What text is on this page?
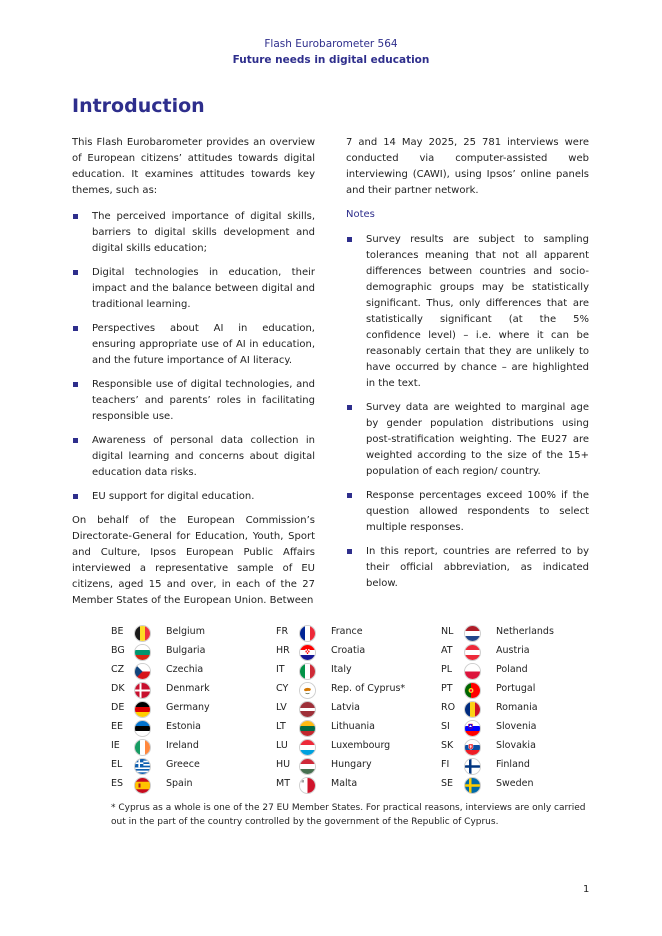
Flash Eurobarometer 564
Future needs in digital education
Introduction

This Flash Eurobarometer provides an overview of European citizens’ attitudes towards digital education. It examines attitudes towards key themes, such as:

The perceived importance of digital skills, barriers to digital skills development and digital skills education;
Digital technologies in education, their impact and the balance between digital and traditional learning.
Perspectives about AI in education, ensuring appropriate use of AI in education, and the future importance of AI literacy.
Responsible use of digital technologies, and teachers’ and parents’ roles in facilitating responsible use.
Awareness of personal data collection in digital learning and concerns about digital education data risks.
EU support for digital education.

On behalf of the European Commission’s Directorate-General for Education, Youth, Sport and Culture, Ipsos European Public Affairs interviewed a representative sample of EU citizens, aged 15 and over, in each of the 27 Member States of the European Union. Between

7 and 14 May 2025, 25 781 interviews were conducted via computer-assisted web interviewing (CAWI), using Ipsos’ online panels and their partner network.

Notes
Survey results are subject to sampling tolerances meaning that not all apparent differences between countries and socio-demographic groups may be statistically significant. Thus, only differences that are statistically significant (at the 5% confidence level) – i.e. where it can be reasonably certain that they are unlikely to have occurred by chance – are highlighted in the text.
Survey data are weighted to marginal age by gender population distributions using post-stratification weighting. The EU27 are weighted according to the size of the 15+ population of each region/ country.
Response percentages exceed 100% if the question allowed respondents to select multiple responses.
In this report, countries are referred to by their official abbreviation, as indicated below.
BE	Belgium
BG	Bulgaria
CZ	Czechia
DK	Denmark
DE	Germany
EE	Estonia
IE	Ireland
EL	Greece
ES	Spain
FR	France
HR	Croatia
IT	Italy
CY	Rep. of Cyprus*
LV	Latvia
LT	Lithuania
LU	Luxembourg
HU	Hungary
MT	Malta
NL	Netherlands
AT	Austria
PL	Poland
PT	Portugal
RO	Romania
SI	Slovenia
SK	Slovakia
FI	Finland
SE	Sweden
* Cyprus as a whole is one of the 27 EU Member States. For practical reasons, interviews are only carried out in the part of the country controlled by the government of the Republic of Cyprus.
1
